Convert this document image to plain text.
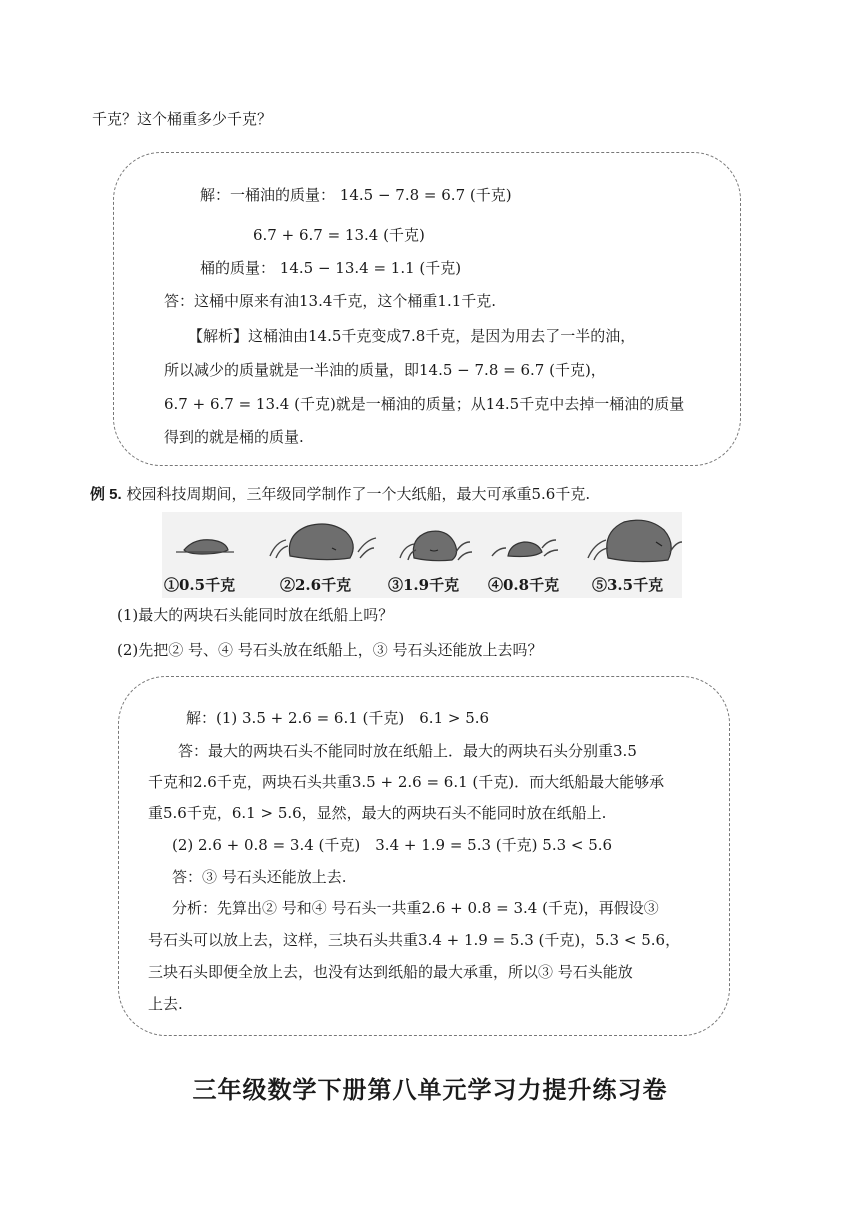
千克？这个桶重多少千克？
解：一桶油的质量： 14.5 − 7.8 = 6.7 (千克)
6.7 + 6.7 = 13.4 (千克)
桶的质量： 14.5 − 13.4 = 1.1 (千克)
答：这桶中原来有油13.4千克，这个桶重1.1千克.
【解析】这桶油由14.5千克变成7.8千克，是因为用去了一半的油，
所以减少的质量就是一半油的质量，即14.5 − 7.8 = 6.7 (千克)，
6.7 + 6.7 = 13.4 (千克)就是一桶油的质量；从14.5千克中去掉一桶油的质量
得到的就是桶的质量.
例 5. 校园科技周期间，三年级同学制作了一个大纸船，最大可承重5.6千克.
①0.5千克	②2.6千克 ③1.9千克 ④0.8千克 ⑤3.5千克
(1)最大的两块石头能同时放在纸船上吗？
(2)先把② 号、④ 号石头放在纸船上，③ 号石头还能放上去吗？
解：(1) 3.5 + 2.6 = 6.1 (千克)　6.1 > 5.6
答：最大的两块石头不能同时放在纸船上．最大的两块石头分别重3.5
千克和2.6千克，两块石头共重3.5 + 2.6 = 6.1 (千克)．而大纸船最大能够承
重5.6千克，6.1 > 5.6，显然，最大的两块石头不能同时放在纸船上.
(2) 2.6 + 0.8 = 3.4 (千克)　3.4 + 1.9 = 5.3 (千克) 5.3 < 5.6
答：③ 号石头还能放上去.
分析：先算出② 号和④ 号石头一共重2.6 + 0.8 = 3.4 (千克)，再假设③
号石头可以放上去，这样，三块石头共重3.4 + 1.9 = 5.3 (千克)，5.3 < 5.6，
三块石头即便全放上去，也没有达到纸船的最大承重，所以③ 号石头能放
上去.
三年级数学下册第八单元学习力提升练习卷
